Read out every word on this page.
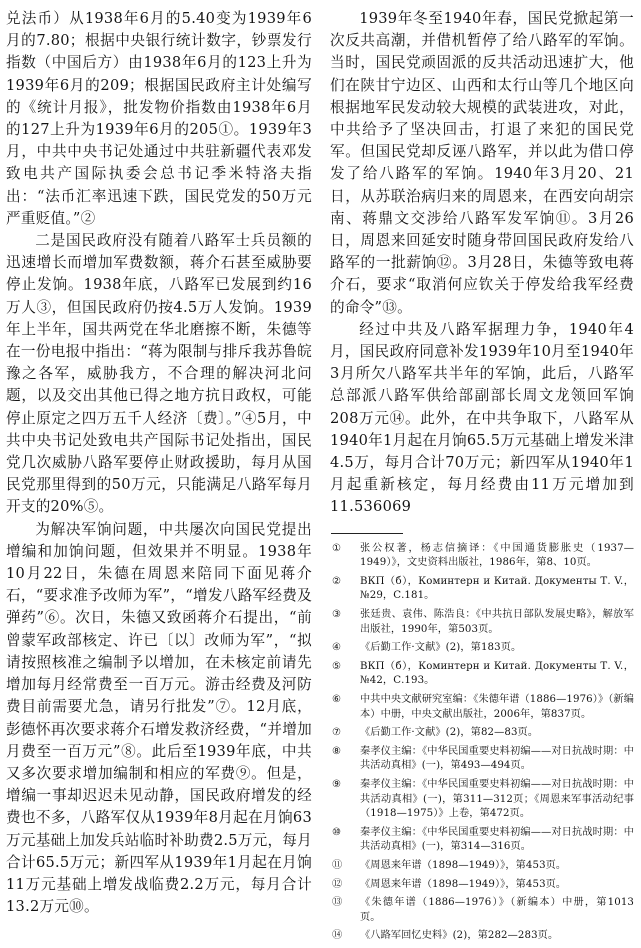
兑法币）从1938年6月的5.40变为1939年6月的7.80；根据中央银行统计数字，钞票发行指数（中国后方）由1938年6月的123上升为1939年6月的209；根据国民政府主计处编写的《统计月报》，批发物价指数由1938年6月的127上升为1939年6月的205①。1939年3月，中共中央书记处通过中共驻新疆代表邓发致电共产国际执委会总书记季米特洛夫指出：“法币汇率迅速下跌，国民党发的50万元严重贬值。”②

二是国民政府没有随着八路军士兵员额的迅速增长而增加军费数额，蒋介石甚至威胁要停止发饷。1938年底，八路军已发展到约16万人③，但国民政府仍按4.5万人发饷。1939年上半年，国共两党在华北磨擦不断，朱德等在一份电报中指出：“蒋为限制与排斥我苏鲁皖豫之各军，威胁我方，不合理的解决河北问题，以及交出其他已得之地方抗日政权，可能停止原定之四万五千人经济〔费〕。”④5月，中共中央书记处致电共产国际书记处指出，国民党几次威胁八路军要停止财政援助，每月从国民党那里得到的50万元，只能满足八路军每月开支的20%⑤。

为解决军饷问题，中共屡次向国民党提出增编和加饷问题，但效果并不明显。1938年10月22日，朱德在周恩来陪同下面见蒋介石，“要求准予改师为军”，“增发八路军经费及弹药”⑥。次日，朱德又致函蒋介石提出，“前曾蒙军政部核定、许已〔以〕改师为军”，“拟请按照核准之编制予以增加，在未核定前请先增加每月经常费至一百万元。游击经费及河防费目前需要尤急，请另行批发”⑦。12月底，彭德怀再次要求蒋介石增发救济经费，“并增加月费至一百万元”⑧。此后至1939年底，中共又多次要求增加编制和相应的军费⑨。但是，增编一事却迟迟未见动静，国民政府增发的经费也不多，八路军仅从1939年8月起在月饷63万元基础上加发兵站临时补助费2.5万元，每月合计65.5万元；新四军从1939年1月起在月饷11万元基础上增发战临费2.2万元，每月合计13.2万元⑩。

1939年冬至1940年春，国民党掀起第一次反共高潮，并借机暂停了给八路军的军饷。当时，国民党顽固派的反共活动迅速扩大，他们在陕甘宁边区、山西和太行山等几个地区向根据地军民发动较大规模的武装进攻，对此，中共给予了坚决回击，打退了来犯的国民党军。但国民党却反诬八路军，并以此为借口停发了给八路军的军饷。1940年3月20、21日，从苏联治病归来的周恩来，在西安向胡宗南、蒋鼎文交涉给八路军发军饷⑪。3月26日，周恩来回延安时随身带回国民政府发给八路军的一批薪饷⑫。3月28日，朱德等致电蒋介石，要求“取消何应钦关于停发给我军经费的命令”⑬。

经过中共及八路军据理力争，1940年4月，国民政府同意补发1939年10月至1940年3月所欠八路军共半年的军饷，此后，八路军总部派八路军供给部副部长周文龙领回军饷208万元⑭。此外，在中共争取下，八路军从1940年1月起在月饷65.5万元基础上增发米津4.5万，每月合计70万元；新四军从1940年1月起重新核定，每月经费由11万元增加到11.536069

①	张公权著，杨志信摘译：《中国通货膨胀史（1937—1949）》，文史资料出版社，1986年，第8、10页。
②	ВКП（б），Коминтерн и Китай. Документы Т. V.，№29，С.181。
③	张廷贵、袁伟、陈浩良：《中共抗日部队发展史略》，解放军出版社，1990年，第503页。
④	《后勤工作·文献》(2)，第183页。
⑤	ВКП（б），Коминтерн и Китай. Документы Т. V.，№42，С.193。
⑥	中共中央文献研究室编：《朱德年谱（1886—1976）》（新编本）中册，中央文献出版社，2006年，第837页。
⑦	《后勤工作·文献》(2)，第82—83页。
⑧	秦孝仪主编：《中华民国重要史料初编——对日抗战时期：中共活动真相》(一)，第493—494页。
⑨	秦孝仪主编：《中华民国重要史料初编——对日抗战时期：中共活动真相》(一)，第311—312页；《周恩来军事活动纪事（1918—1975）》上卷，第472页。
⑩	秦孝仪主编：《中华民国重要史料初编——对日抗战时期：中共活动真相》(一)，第314—316页。
⑪	《周恩来年谱（1898—1949）》，第453页。
⑫	《周恩来年谱（1898—1949）》，第453页。
⑬	《朱德年谱（1886—1976）》（新编本）中册，第1013页。
⑭	《八路军回忆史料》(2)，第282—283页。
